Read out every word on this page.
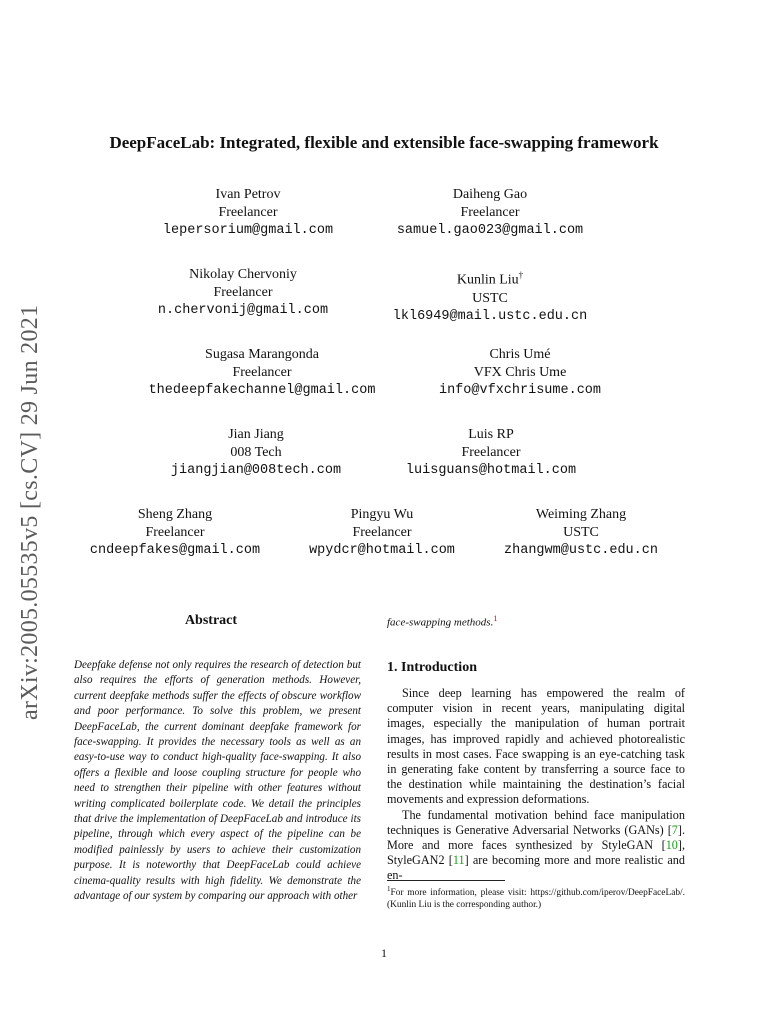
arXiv:2005.05535v5 [cs.CV] 29 Jun 2021
DeepFaceLab: Integrated, flexible and extensible face-swapping framework
Ivan Petrov
Freelancer
lepersorium@gmail.com
Daiheng Gao
Freelancer
samuel.gao023@gmail.com
Nikolay Chervoniy
Freelancer
n.chervonij@gmail.com
Kunlin Liu†
USTC
lkl6949@mail.ustc.edu.cn
Sugasa Marangonda
Freelancer
thedeepfakechannel@gmail.com
Chris Umé
VFX Chris Ume
info@vfxchrisume.com
Jian Jiang
008 Tech
jiangjian@008tech.com
Luis RP
Freelancer
luisguans@hotmail.com
Sheng Zhang
Freelancer
cndeepfakes@gmail.com
Pingyu Wu
Freelancer
wpydcr@hotmail.com
Weiming Zhang
USTC
zhangwm@ustc.edu.cn
Abstract
Deepfake defense not only requires the research of detection but also requires the efforts of generation methods. However, current deepfake methods suffer the effects of obscure workflow and poor performance. To solve this problem, we present DeepFaceLab, the current dominant deepfake framework for face-swapping. It provides the necessary tools as well as an easy-to-use way to conduct high-quality face-swapping. It also offers a flexible and loose coupling structure for people who need to strengthen their pipeline with other features without writing complicated boilerplate code. We detail the principles that drive the implementation of DeepFaceLab and introduce its pipeline, through which every aspect of the pipeline can be modified painlessly by users to achieve their customization purpose. It is noteworthy that DeepFaceLab could achieve cinema-quality results with high fidelity. We demonstrate the advantage of our system by comparing our approach with other
face-swapping methods.$^1$
1. Introduction

Since deep learning has empowered the realm of computer vision in recent years, manipulating digital images, especially the manipulation of human portrait images, has improved rapidly and achieved photorealistic results in most cases. Face swapping is an eye-catching task in generating fake content by transferring a source face to the destination while maintaining the destination’s facial movements and expression deformations.

The fundamental motivation behind face manipulation techniques is Generative Adversarial Networks (GANs) [7]. More and more faces synthesized by StyleGAN [10], StyleGAN2 [11] are becoming more and more realistic and en-

$^1$For more information, please visit: https://github.com/iperov/DeepFaceLab/. (Kunlin Liu is the corresponding author.)
1
